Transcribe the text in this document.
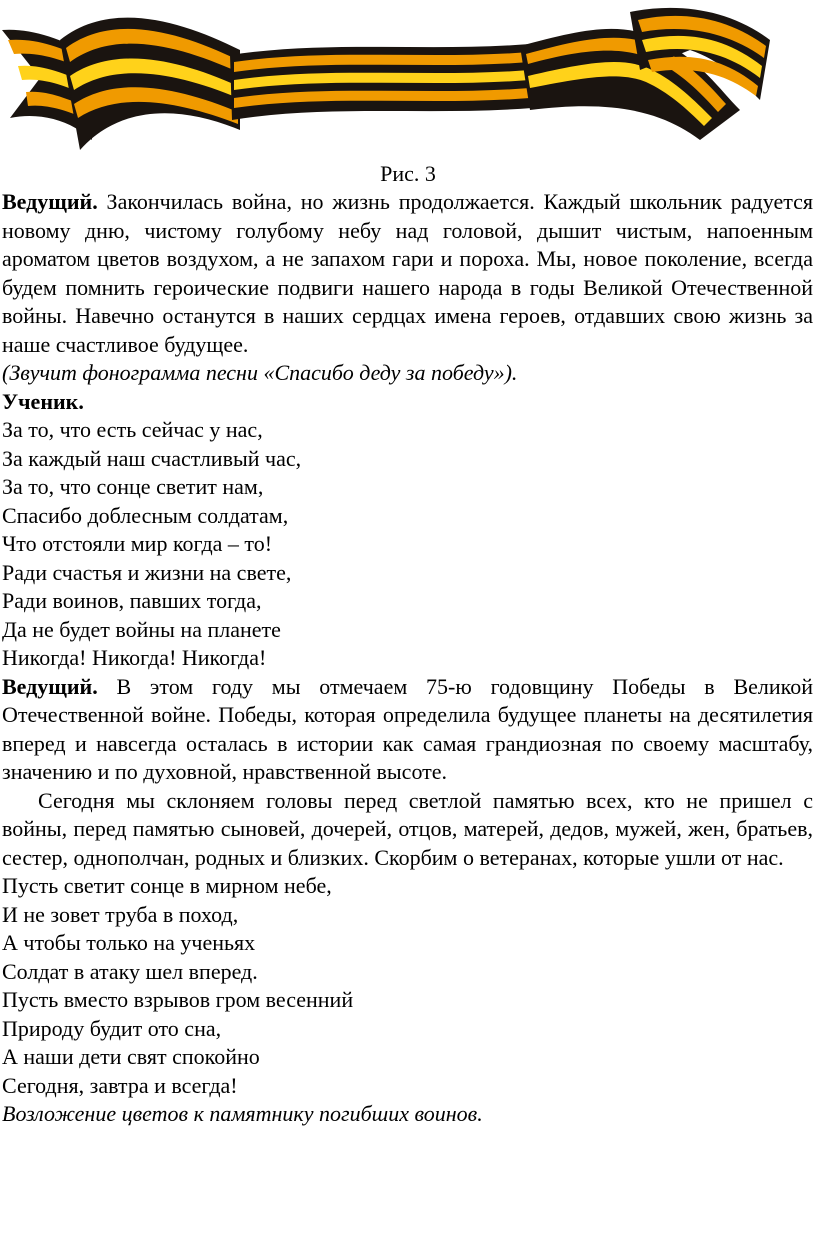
Рис. 3

Ведущий. Закончилась война, но жизнь продолжается. Каждый школьник радуется новому дню, чистому голубому небу над головой, дышит чистым, напоенным ароматом цветов воздухом, а не запахом гари и пороха. Мы, новое поколение, всегда будем помнить героические подвиги нашего народа в годы Великой Отечественной войны. Навечно останутся в наших сердцах имена героев, отдавших свою жизнь за наше счастливое будущее.

(Звучит фонограмма песни «Спасибо деду за победу»).

Ученик.

За то, что есть сейчас у нас,
За каждый наш счастливый час,
За то, что сонце светит нам,
Спасибо доблесным солдатам,
Что отстояли мир когда – то!
Ради счастья и жизни на свете,
Ради воинов, павших тогда,
Да не будет войны на планете
Никогда! Никогда! Никогда!

Ведущий. В этом году мы отмечаем 75-ю годовщину Победы в Великой Отечественной войне. Победы, которая определила будущее планеты на десятилетия вперед и навсегда осталась в истории как самая грандиозная по своему масштабу, значению и по духовной, нравственной высоте.

Сегодня мы склоняем головы перед светлой памятью всех, кто не пришел с войны, перед памятью сыновей, дочерей, отцов, матерей, дедов, мужей, жен, братьев, сестер, однополчан, родных и близких. Скорбим о ветеранах, которые ушли от нас.

Пусть светит сонце в мирном небе,
И не зовет труба в поход,
А чтобы только на ученьях
Солдат в атаку шел вперед.
Пусть вместо взрывов гром весенний
Природу будит ото сна,
А наши дети свят спокойно
Сегодня, завтра и всегда!

Возложение цветов к памятнику погибших воинов.
